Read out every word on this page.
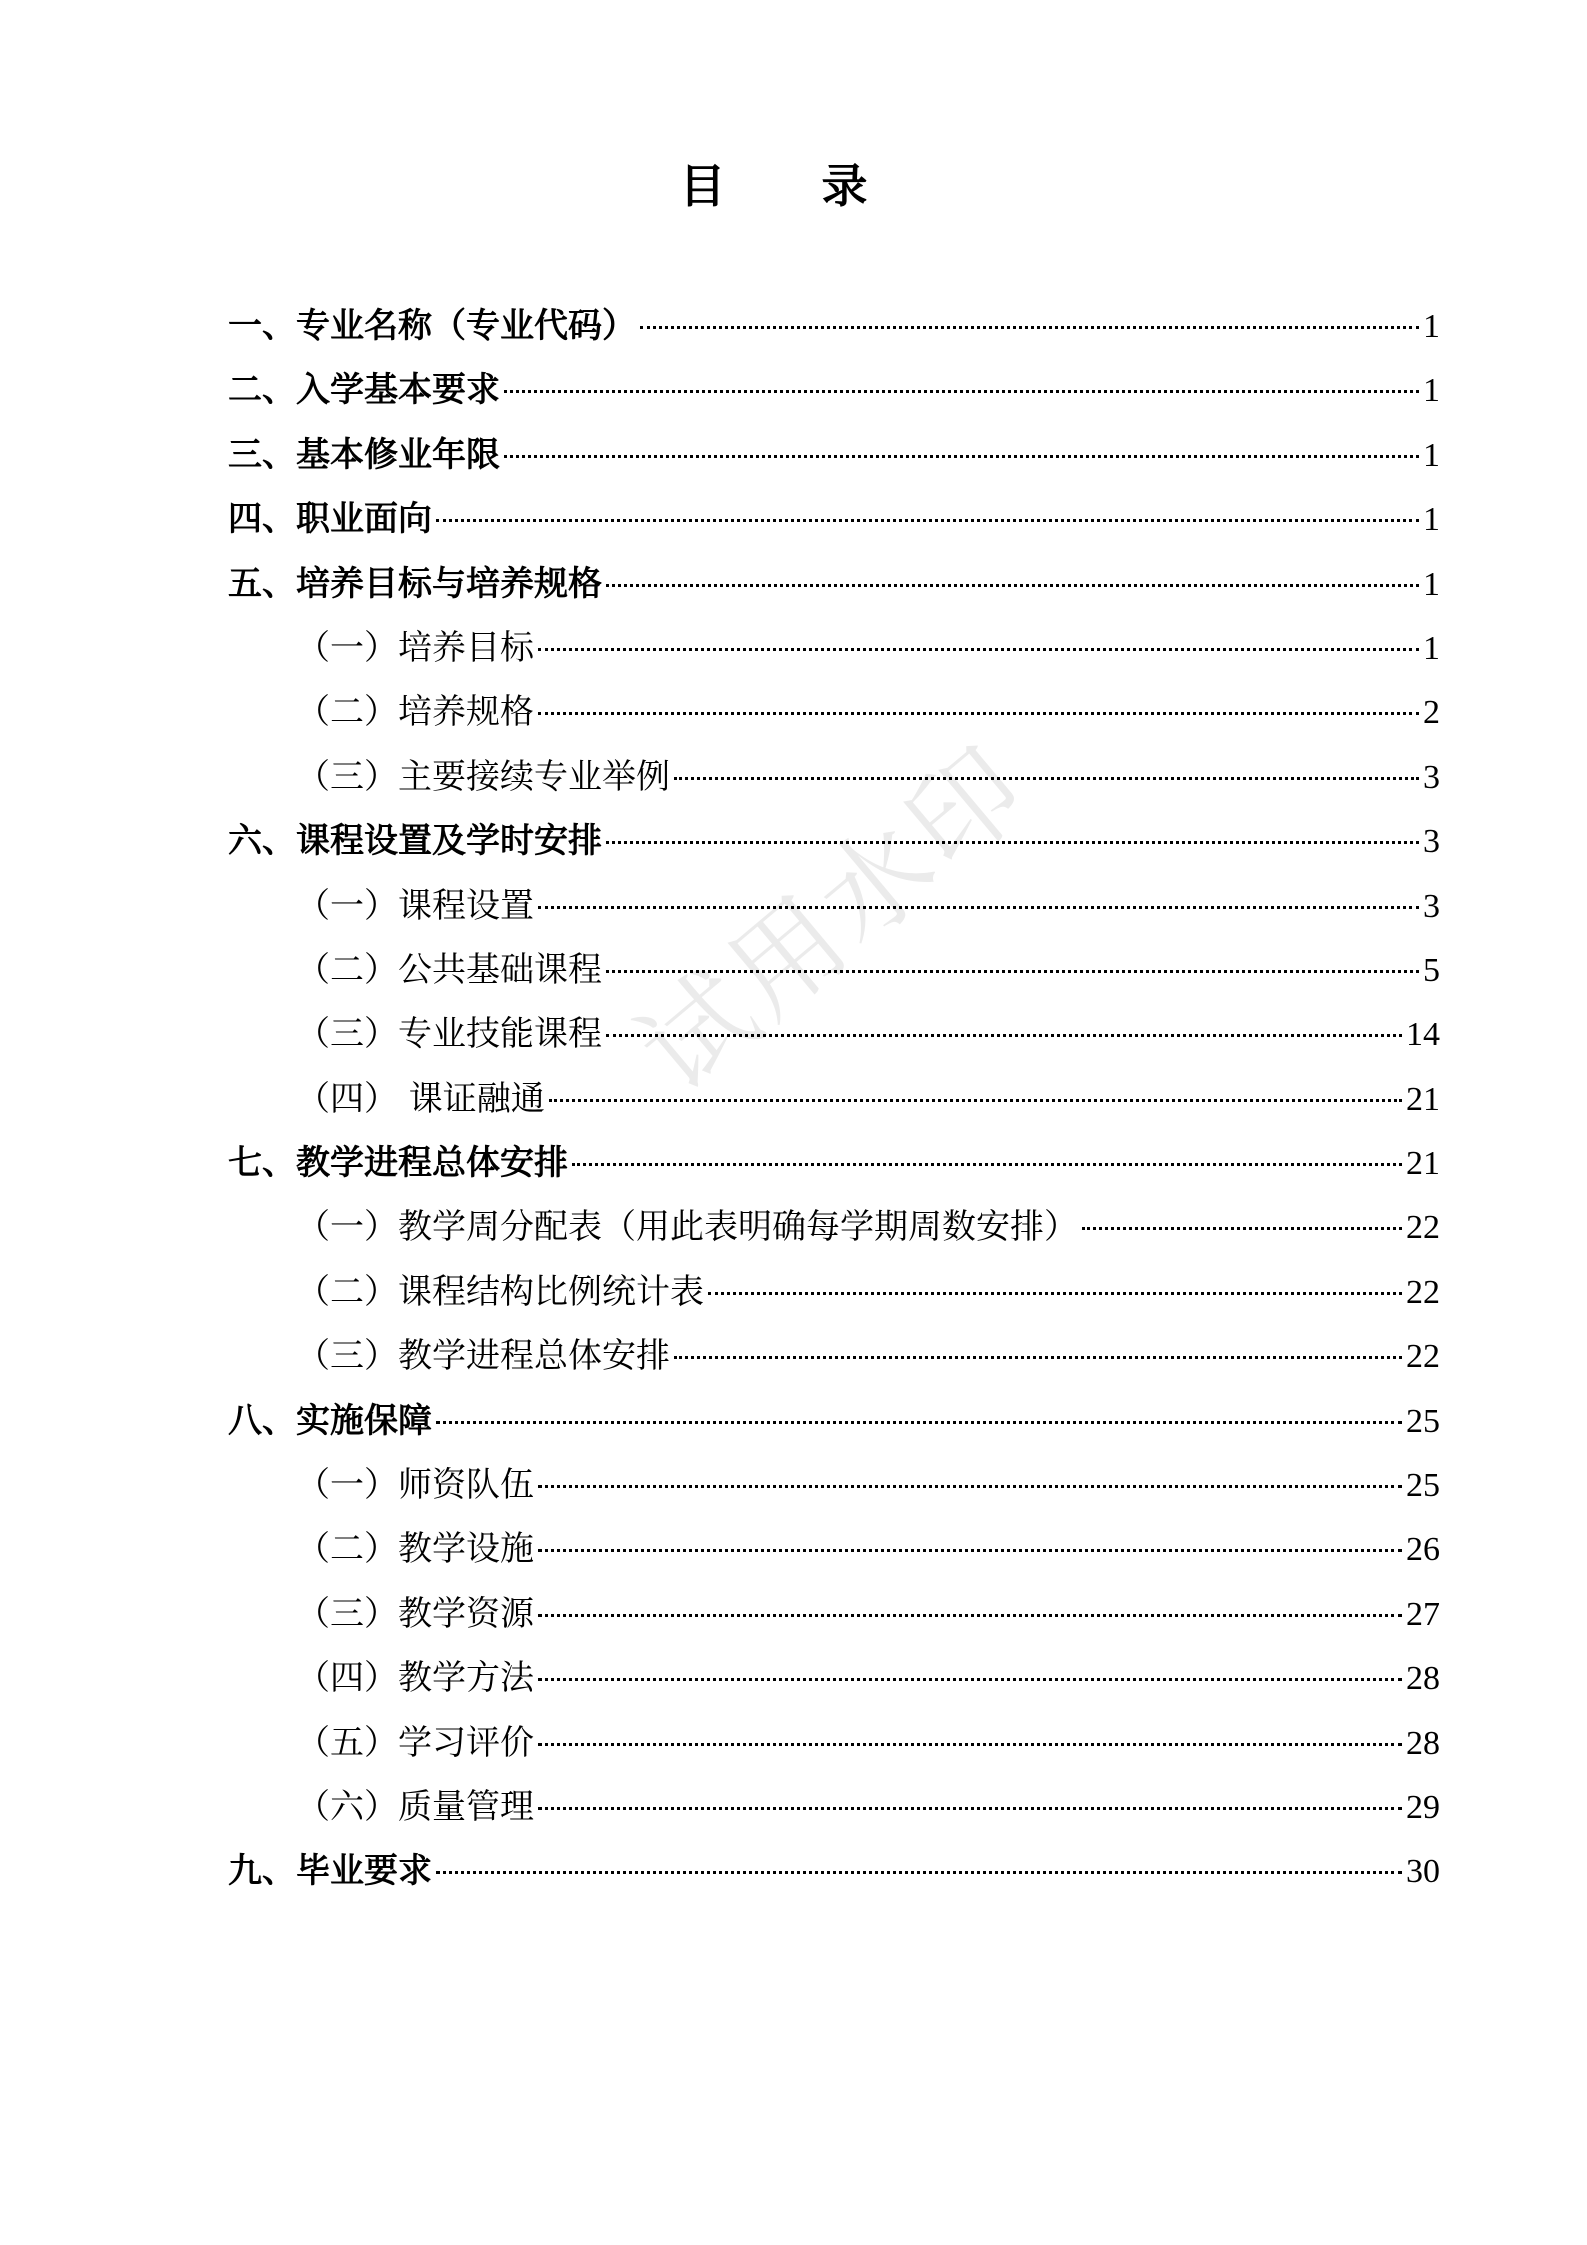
目 录
一、专业名称（专业代码）	1
二、入学基本要求	1
三、基本修业年限	1
四、职业面向	1
五、培养目标与培养规格	1
（一）培养目标	1
（二）培养规格	2
（三）主要接续专业举例	3
六、课程设置及学时安排	3
（一）课程设置	3
（二）公共基础课程	5
（三）专业技能课程	14
（四） 课证融通	21
七、教学进程总体安排	21
（一）教学周分配表（用此表明确每学期周数安排）	22
（二）课程结构比例统计表	22
（三）教学进程总体安排	22
八、实施保障	25
（一）师资队伍	25
（二）教学设施	26
（三）教学资源	27
（四）教学方法	28
（五）学习评价	28
（六）质量管理	29
九、毕业要求	30
试用水印
